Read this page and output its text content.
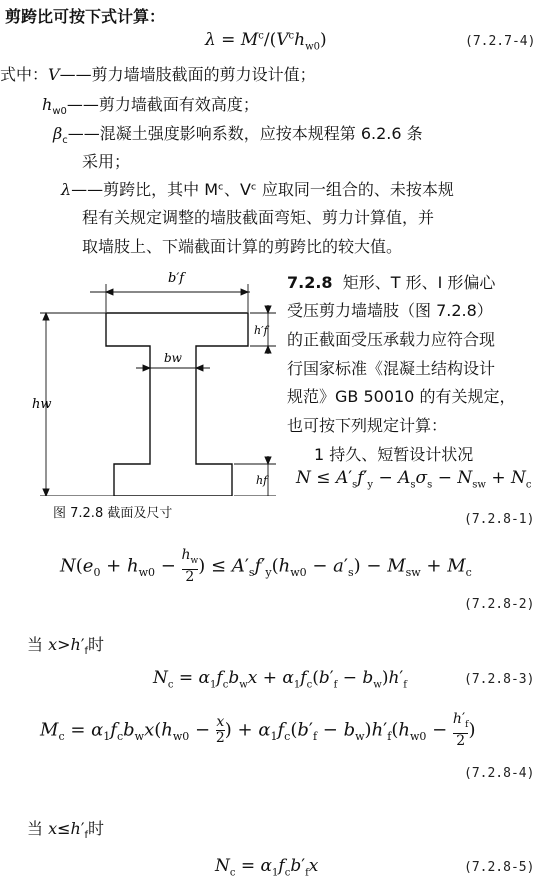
剪跨比可按下式计算：
$\lambda = M^c/(V^ch_{w0})$	(7.2.7-4)
式中：V——剪力墙墙肢截面的剪力设计值；
$h_{w0}——$剪力墙截面有效高度；
$\beta_c——$混凝土强度影响系数，应按本规程第 6.2.6 条
采用；
λ——剪跨比，其中 Mᶜ、Vᶜ 应取同一组合的、未按本规
程有关规定调整的墙肢截面弯矩、剪力计算值，并
取墙肢上、下端截面计算的剪跨比的较大值。
b′f
hw
h′f
bw
hf
图 7.2.8 截面及尺寸
7.2.8 矩形、T 形、I 形偏心
受压剪力墙墙肢（图 7.2.8）
的正截面受压承载力应符合现
行国家标准《混凝土结构设计
规范》GB 50010 的有关规定，
也可按下列规定计算：
1 持久、短暂设计状况
$N \le A'_sf'_y - A_s\sigma_s - N_{sw} + N_c$
(7.2.8-1)
$N(e_0 + h_{w0} - \frac{h_w}{2}$ ) ≤ $A'_sf'_y(h_{w0} - a'_s) - M_{sw} + M_c$
(7.2.8-2)
当 $x>h'_f$时
$N_c = \alpha_1f_cb_wx + \alpha_1f_c(b'_f - b_w)h'_f$	(7.2.8-3)
$M_c = \alpha_1f_cb_wx(h_{w0} - \frac{x}{2}$ ) + $\alpha_1f_c(b'_f - b_w)h'_f(h_{w0} - \frac{h'_f}{2}$ )
(7.2.8-4)
当 $x\le h'_f$时
$N_c = \alpha_1f_cb'_fx$	(7.2.8-5)
